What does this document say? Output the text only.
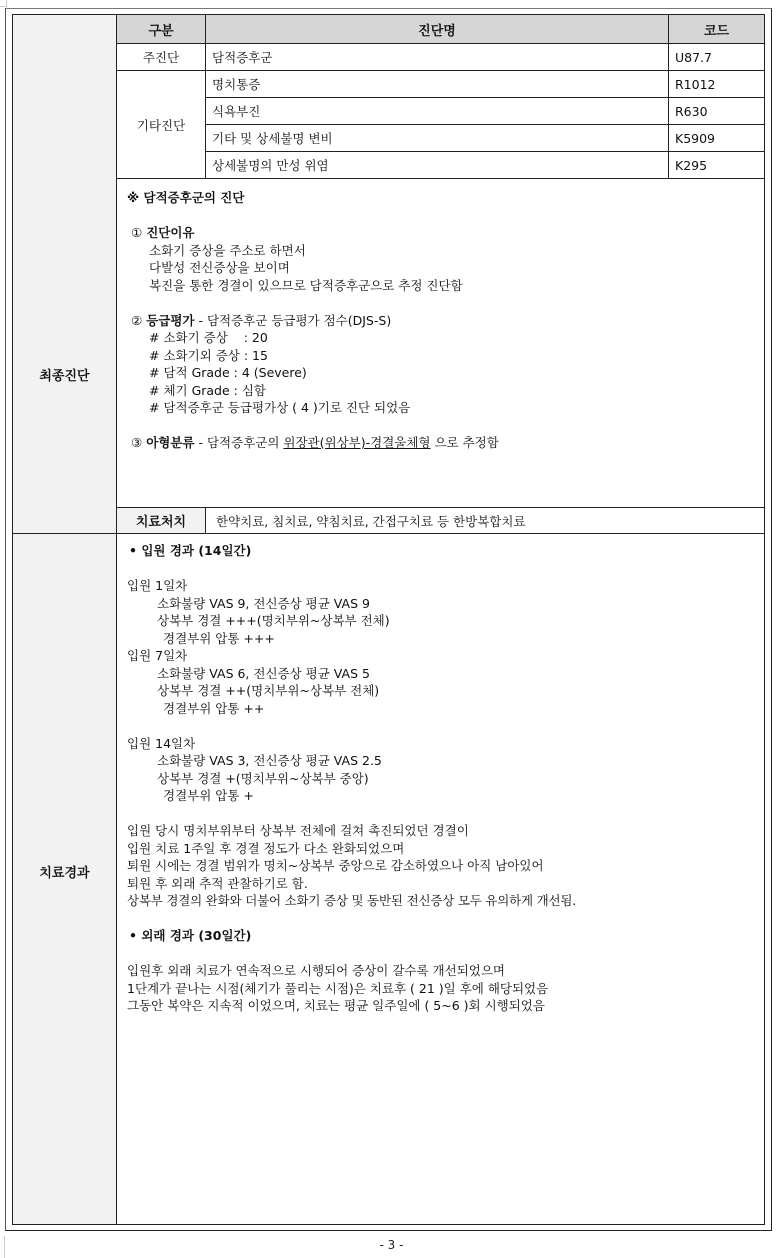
최종진단	구분	진단명	코드
	주진단	담적증후군	U87.7
	기타진단	명치통증	R1012
		식욕부진	R630
		기타 및 상세불명 변비	K5909
		상세불명의 만성 위염	K295

※ 담적증후군의 진단
① 진단이유
소화기 증상을 주소로 하면서
다발성 전신증상을 보이며
복진을 통한 경결이 있으므로 담적증후군으로 추정 진단함
② 등급평가 - 담적증후군 등급평가 점수(DJS-S)
# 소화기 증상    : 20
# 소화기외 증상 : 15
# 담적 Grade : 4 (Severe)
# 체기 Grade : 심함
# 담적증후군 등급평가상 ( 4 )기로 진단 되었음
③ 아형분류 - 담적증후군의 위장관(위상부)-경결울체형 으로 추정함

	치료처치	한약치료, 침치료, 약침치료, 간접구치료 등 한방복합치료	
치료경과	
• 입원 경과 (14일간)
입원 1일차
소화불량 VAS 9, 전신증상 평균 VAS 9
상복부 경결 +++(명치부위~상복부 전체)
경결부위 압통 +++
입원 7일차
소화불량 VAS 6, 전신증상 평균 VAS 5
상복부 경결 ++(명치부위~상복부 전체)
경결부위 압통 ++
입원 14일차
소화불량 VAS 3, 전신증상 평균 VAS 2.5
상복부 경결 +(명치부위~상복부 중앙)
경결부위 압통 +
입원 당시 명치부위부터 상복부 전체에 걸쳐 촉진되었던 경결이
입원 치료 1주일 후 경결 정도가 다소 완화되었으며
퇴원 시에는 경결 범위가 명치~상복부 중앙으로 감소하였으나 아직 남아있어
퇴원 후 외래 추적 관찰하기로 함.
상복부 경결의 완화와 더불어 소화기 증상 및 동반된 전신증상 모두 유의하게 개선됨.
• 외래 경과 (30일간)
입원후 외래 치료가 연속적으로 시행되어 증상이 갈수록 개선되었으며
1단계가 끝나는 시점(체기가 풀리는 시점)은 치료후 ( 21 )일 후에 해당되었음
그동안 복약은 지속적 이었으며, 치료는 평균 일주일에 ( 5~6 )회 시행되었음
- 3 -
